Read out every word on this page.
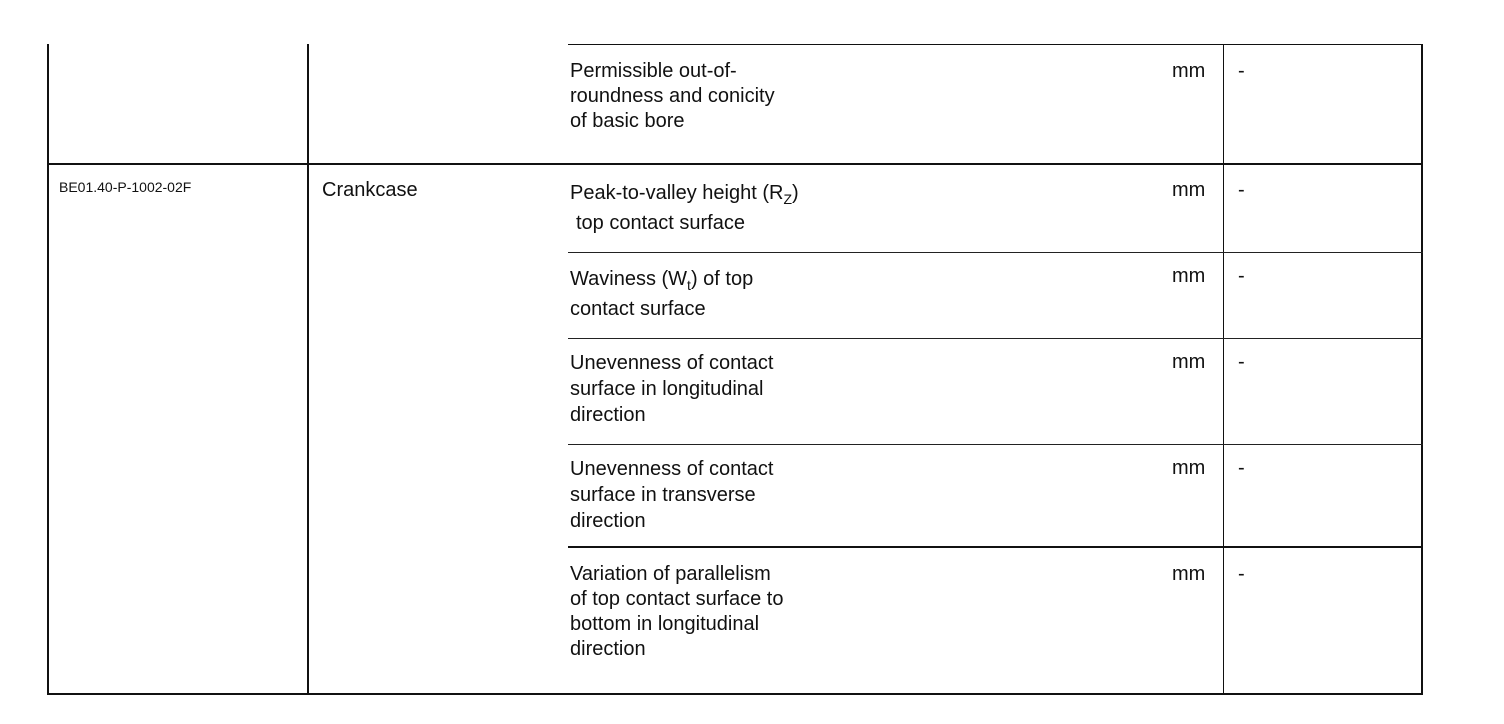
Permissible out-of-
roundness and conicity
of basic bore
mm	-
BE01.40-P-1002-02F	Crankcase	Peak-to-valley height $(R_Z)$
top contact surface
mm	-
Waviness $(W_t)$ of top
contact surface
mm	-
Unevenness of contact
surface in longitudinal
direction
mm	-
Unevenness of contact
surface in transverse
direction
mm	-
Variation of parallelism
of top contact surface to
bottom in longitudinal
direction
mm	-
